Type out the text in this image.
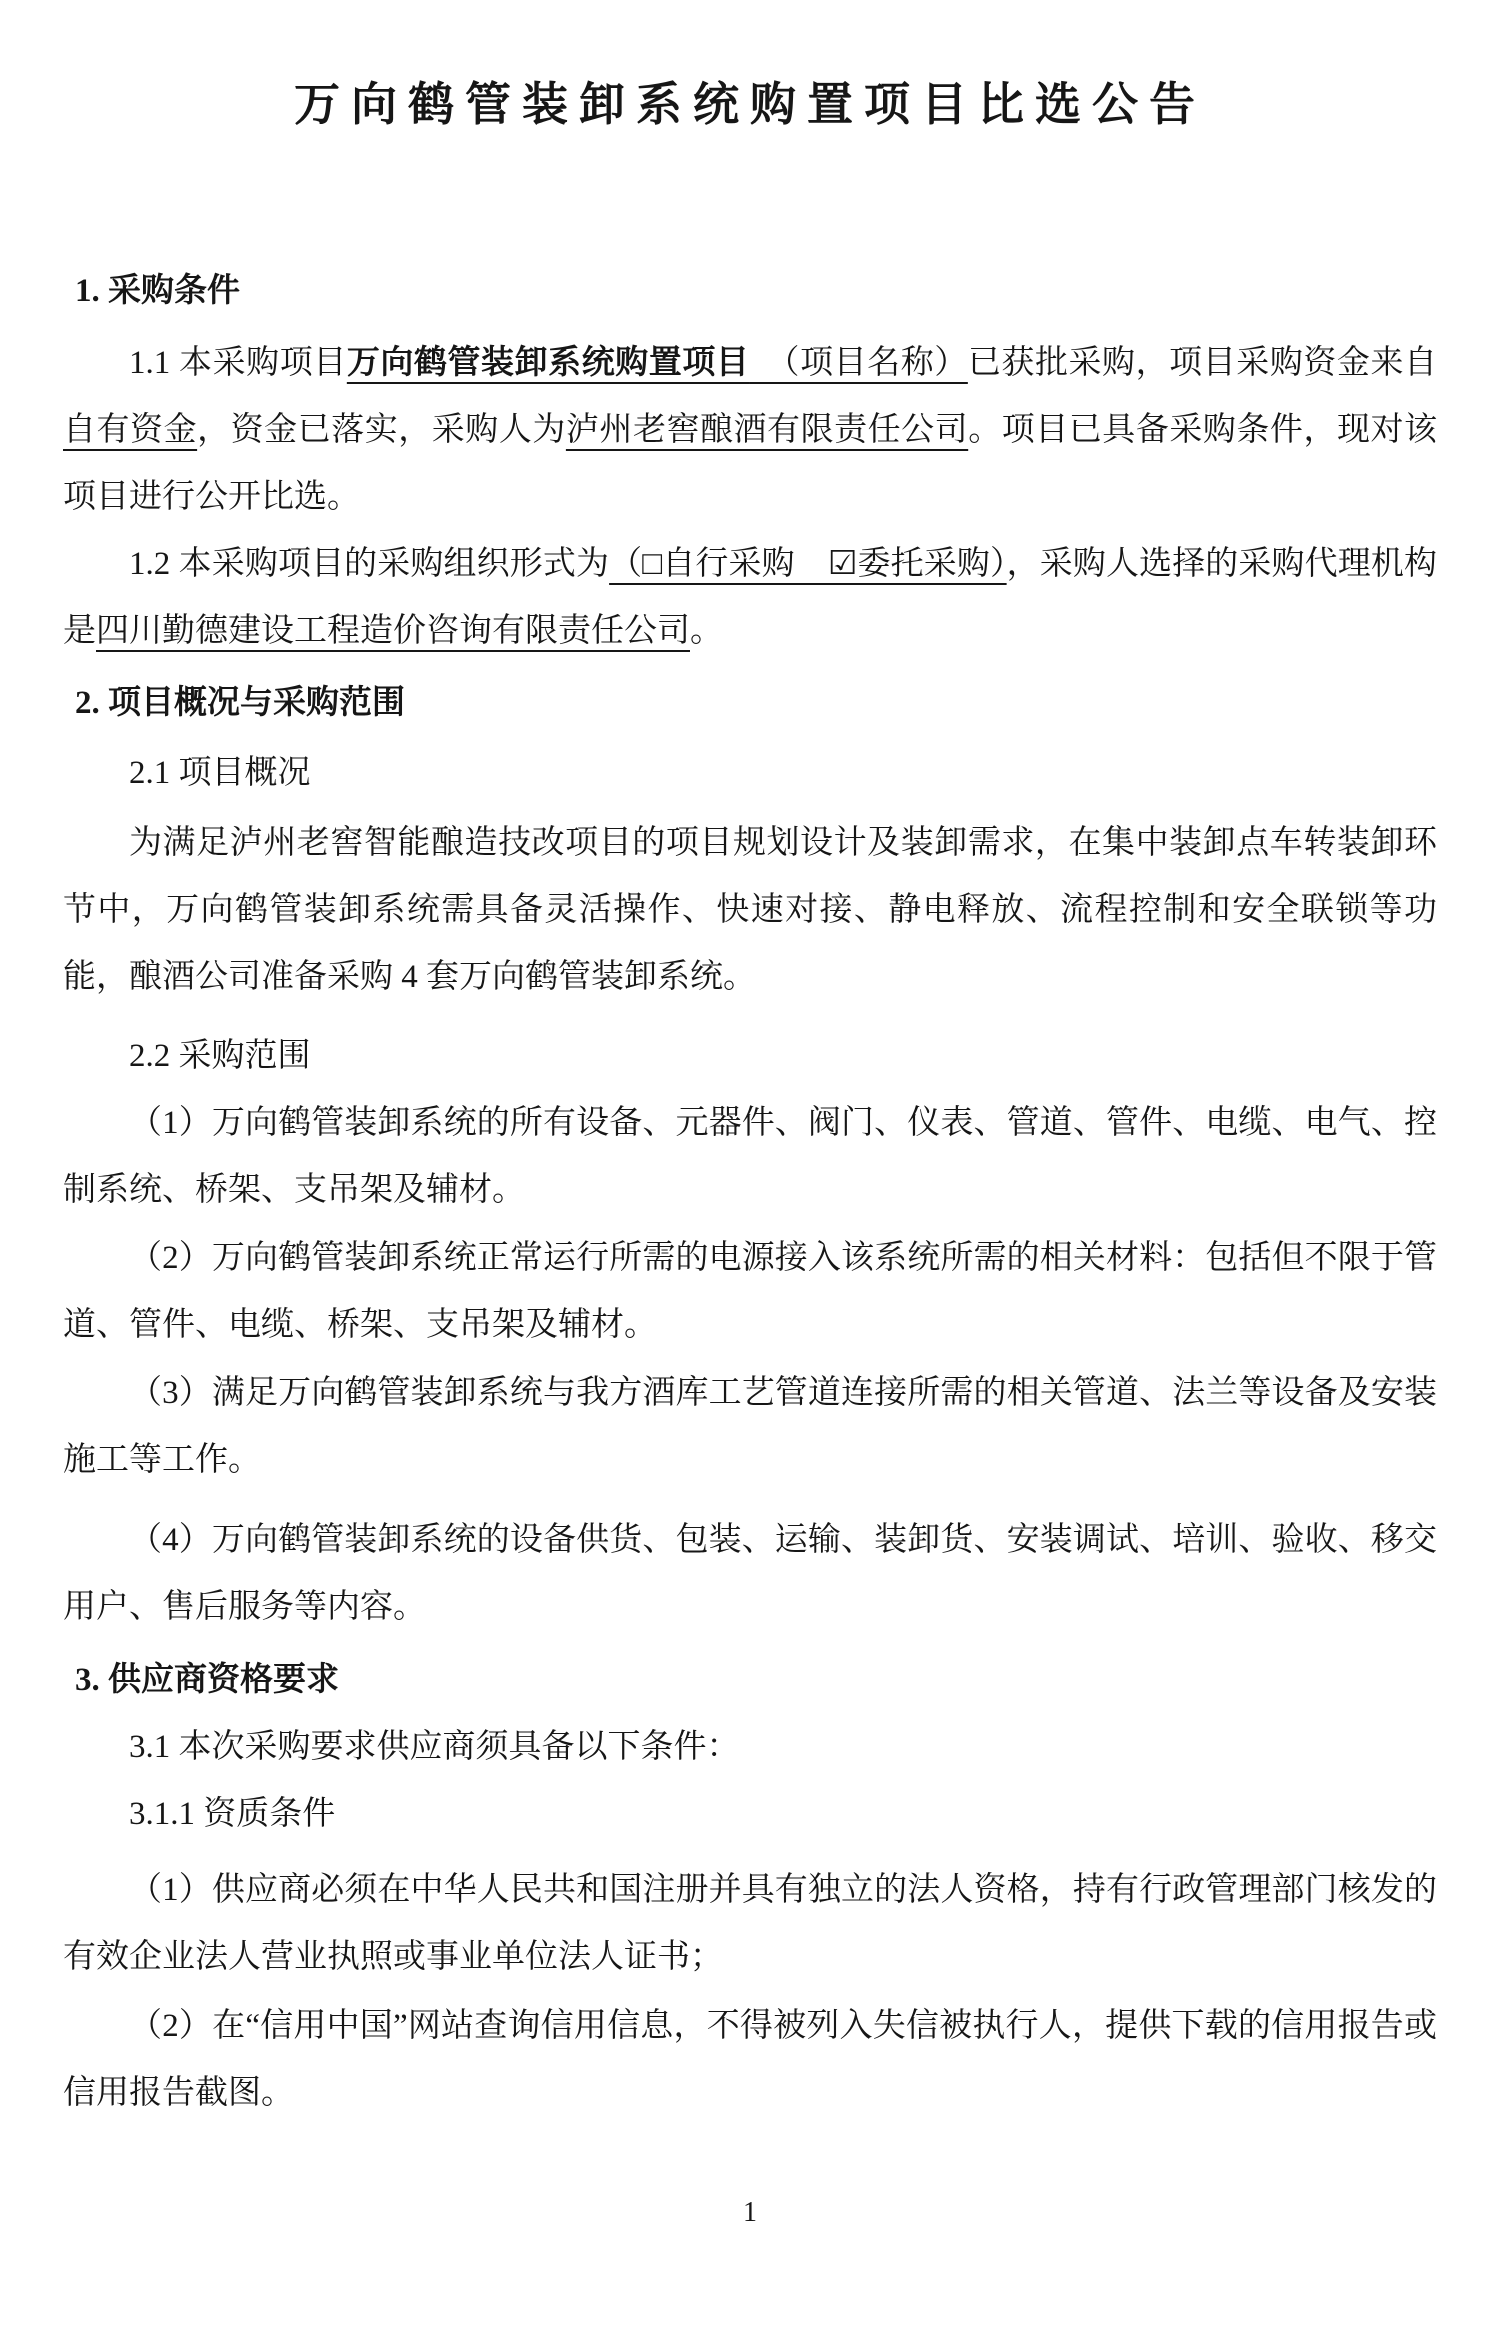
万向鹤管装卸系统购置项目比选公告
1. 采购条件

1.1 本采购项目万向鹤管装卸系统购置项目　（项目名称）已获批采购，项目采购资金来自 自有资金，资金已落实，采购人为泸州老窖酿酒有限责任公司。项目已具备采购条件，现对该项目进行公开比选。

1.2 本采购项目的采购组织形式为（□自行采购　☑委托采购），采购人选择的采购代理机构是四川勤德建设工程造价咨询有限责任公司。

2. 项目概况与采购范围

2.1 项目概况

为满足泸州老窖智能酿造技改项目的项目规划设计及装卸需求，在集中装卸点车转装卸环节中，万向鹤管装卸系统需具备灵活操作、快速对接、静电释放、流程控制和安全联锁等功能，酿酒公司准备采购 4 套万向鹤管装卸系统。

2.2 采购范围

（1）万向鹤管装卸系统的所有设备、元器件、阀门、仪表、管道、管件、电缆、电气、控制系统、桥架、支吊架及辅材。

（2）万向鹤管装卸系统正常运行所需的电源接入该系统所需的相关材料：包括但不限于管道、管件、电缆、桥架、支吊架及辅材。

（3）满足万向鹤管装卸系统与我方酒库工艺管道连接所需的相关管道、法兰等设备及安装施工等工作。

（4）万向鹤管装卸系统的设备供货、包装、运输、装卸货、安装调试、培训、验收、移交用户、售后服务等内容。

3. 供应商资格要求

3.1 本次采购要求供应商须具备以下条件：

3.1.1 资质条件

（1）供应商必须在中华人民共和国注册并具有独立的法人资格，持有行政管理部门核发的有效企业法人营业执照或事业单位法人证书；

（2）在“信用中国”网站查询信用信息，不得被列入失信被执行人，提供下载的信用报告或信用报告截图。

1
